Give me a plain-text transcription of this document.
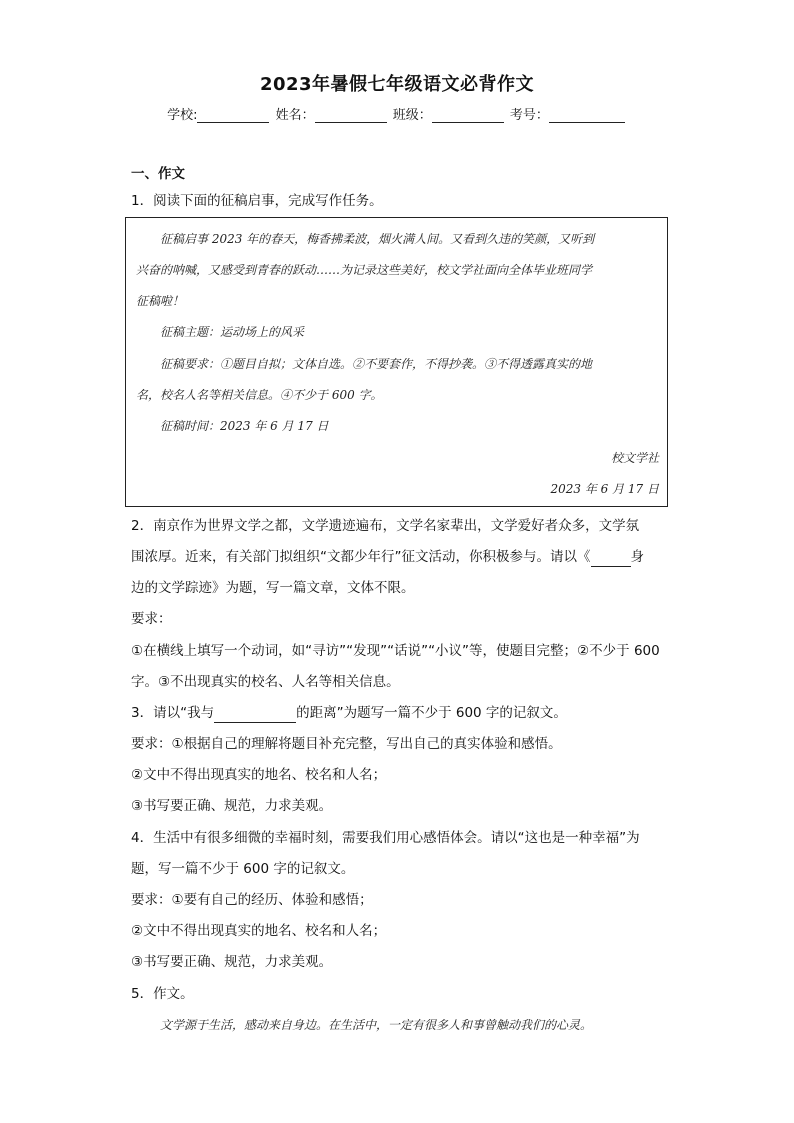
2023年暑假七年级语文必背作文
学校:	姓名：	班级：	考号：
一、作文
1．阅读下面的征稿启事，完成写作任务。
征稿启事 2023 年的春天，梅香拂柔波，烟火满人间。又看到久违的笑颜，又听到
兴奋的呐喊，又感受到青春的跃动……为记录这些美好，校文学社面向全体毕业班同学
征稿啦！
征稿主题：运动场上的风采
征稿要求：①题目自拟；文体自选。②不要套作，不得抄袭。③不得透露真实的地
名，校名人名等相关信息。④不少于 600 字。
征稿时间：2023 年 6 月 17 日
校文学社
2023 年 6 月 17 日
2．南京作为世界文学之都，文学遗迹遍布，文学名家辈出，文学爱好者众多，文学氛
围浓厚。近来，有关部门拟组织“文都少年行”征文活动，你积极参与。请以《	身
边的文学踪迹》为题，写一篇文章，文体不限。
要求：
①在横线上填写一个动词，如“寻访”“发现”“话说”“小议”等，使题目完整；②不少于 600
字。③不出现真实的校名、人名等相关信息。
3．请以“我与	的距离”为题写一篇不少于 600 字的记叙文。
要求：①根据自己的理解将题目补充完整，写出自己的真实体验和感悟。
②文中不得出现真实的地名、校名和人名；
③书写要正确、规范，力求美观。
4．生活中有很多细微的幸福时刻，需要我们用心感悟体会。请以“这也是一种幸福”为
题，写一篇不少于 600 字的记叙文。
要求：①要有自己的经历、体验和感悟；
②文中不得出现真实的地名、校名和人名；
③书写要正确、规范，力求美观。
5．作文。
文学源于生活，感动来自身边。在生活中，一定有很多人和事曾触动我们的心灵。
